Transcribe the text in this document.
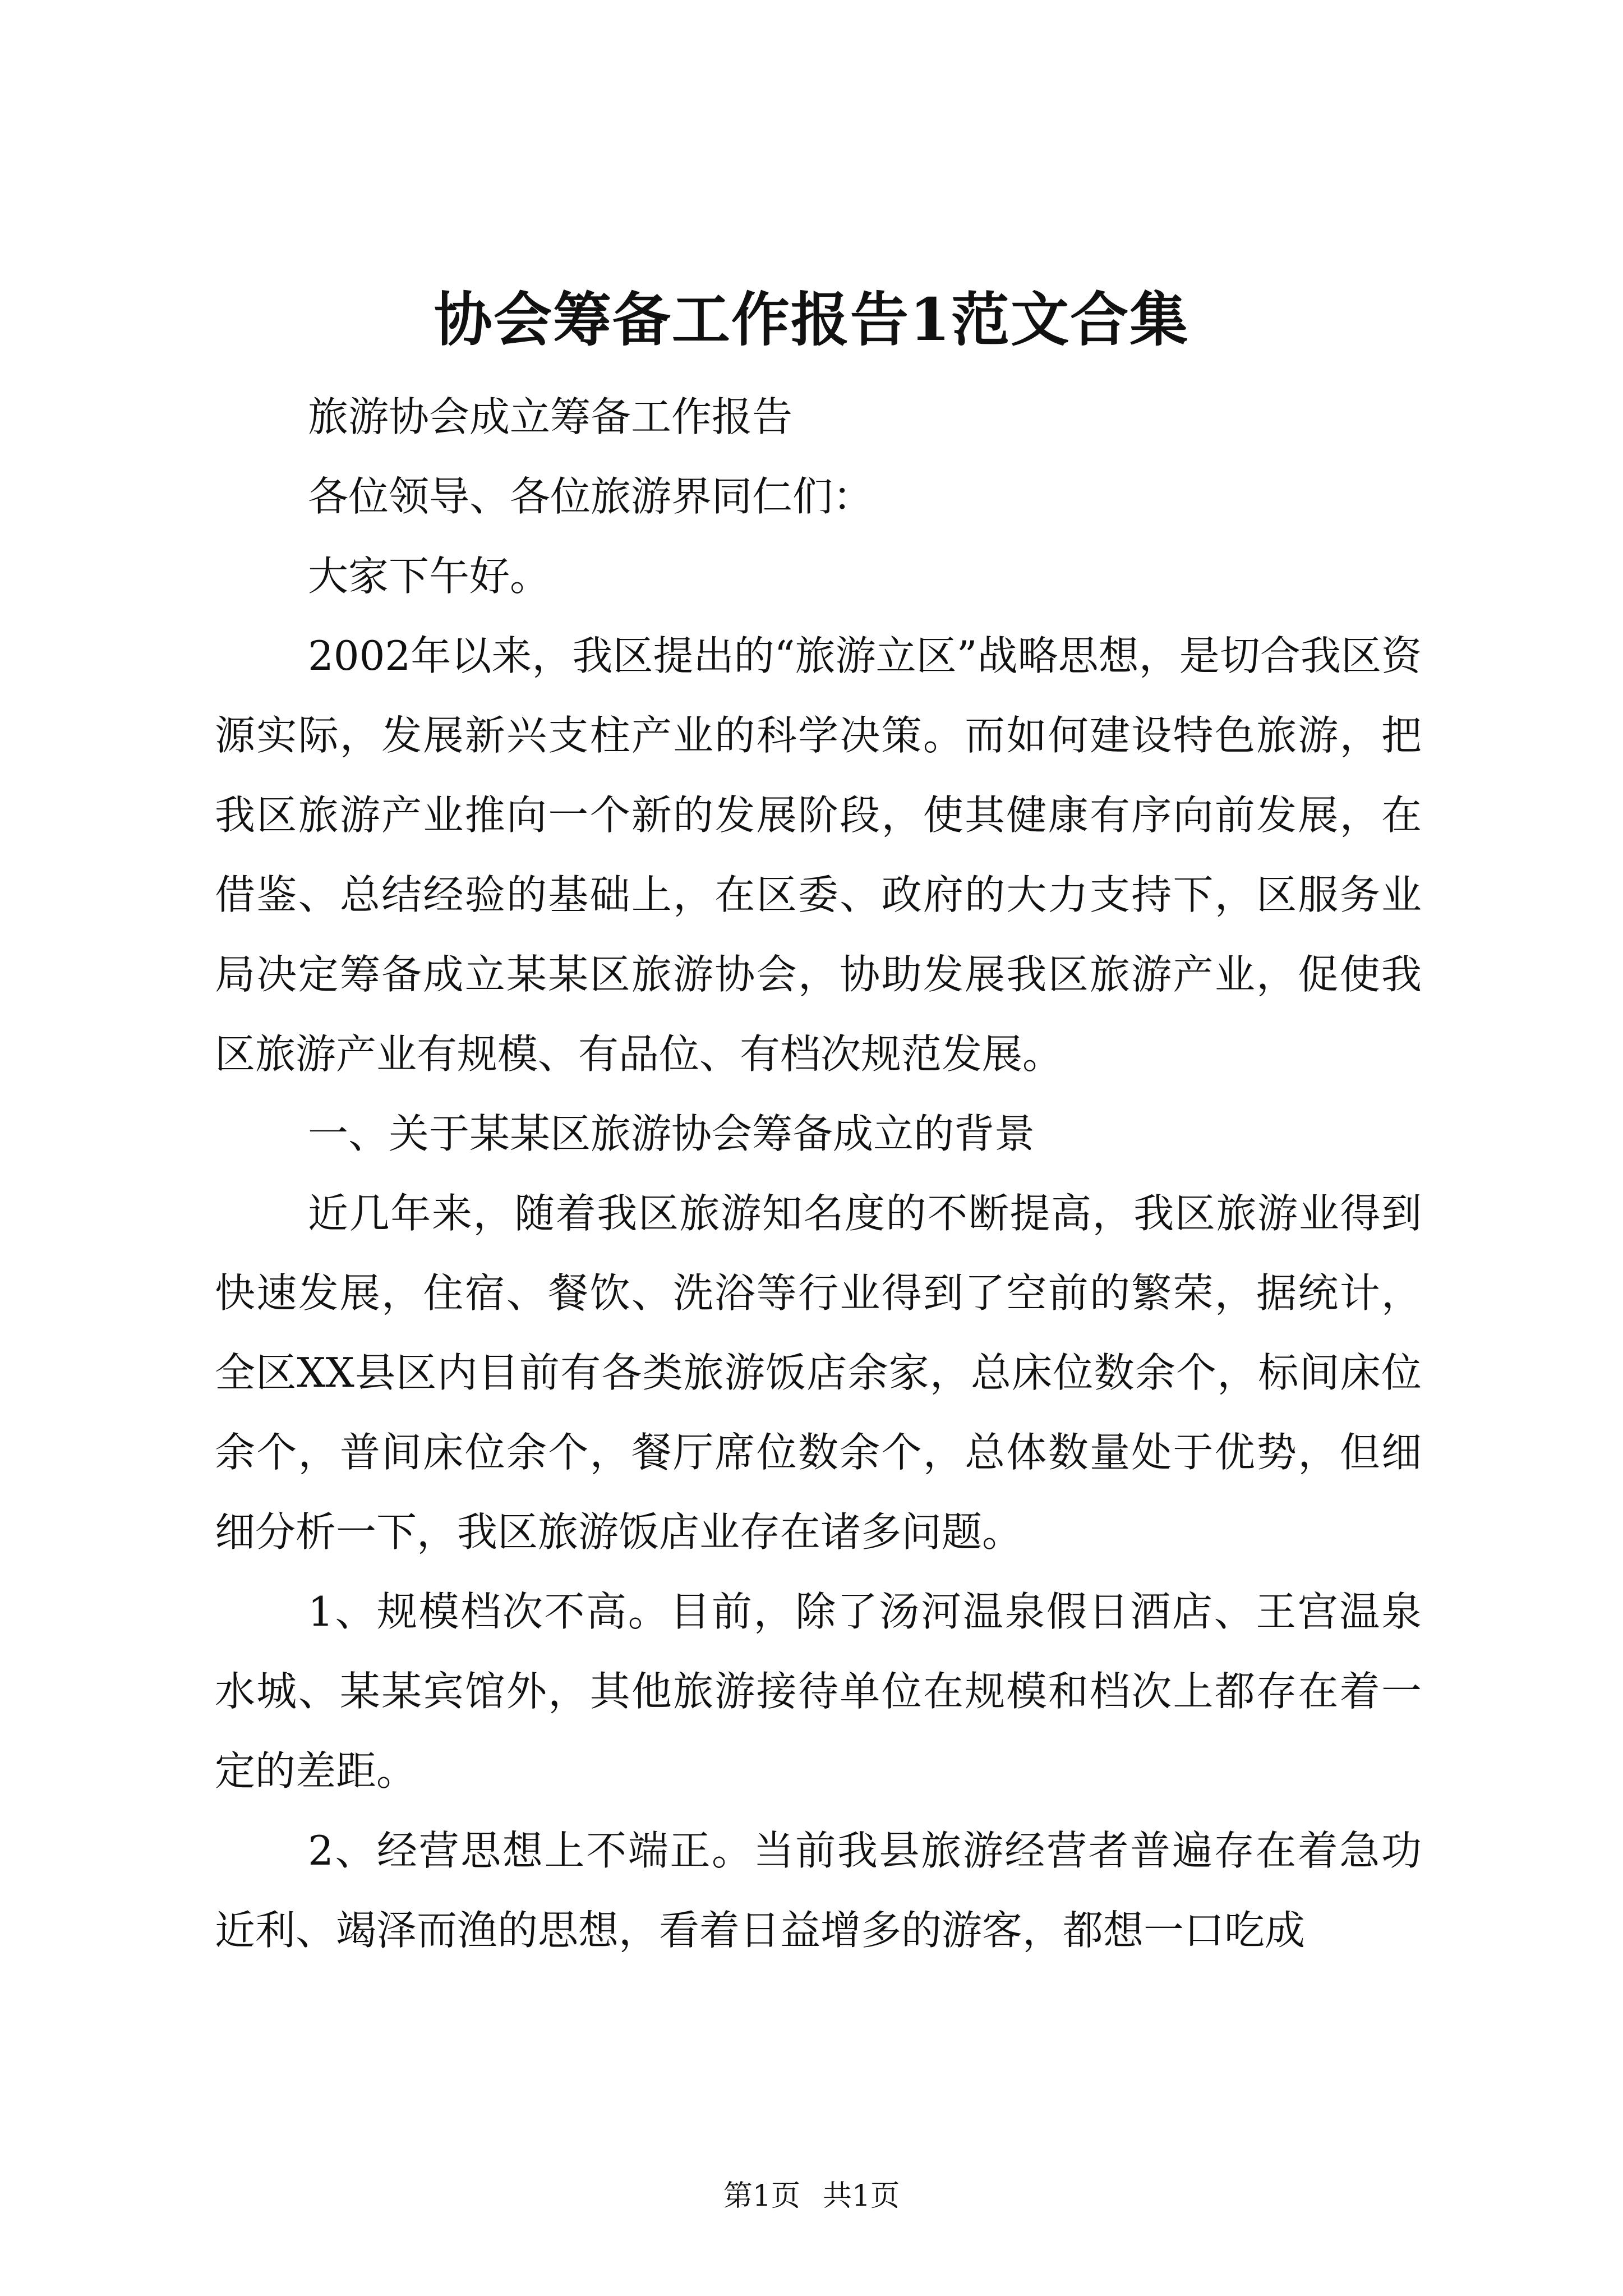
协会筹备工作报告1范文合集

旅游协会成立筹备工作报告

各位领导、各位旅游界同仁们：

大家下午好。

2002年以来，我区提出的“旅游立区”战略思想，是切合我区资源实际，发展新兴支柱产业的科学决策。而如何建设特色旅游，把我区旅游产业推向一个新的发展阶段，使其健康有序向前发展，在借鉴、总结经验的基础上，在区委、政府的大力支持下，区服务业局决定筹备成立某某区旅游协会，协助发展我区旅游产业，促使我区旅游产业有规模、有品位、有档次规范发展。

一、关于某某区旅游协会筹备成立的背景

近几年来，随着我区旅游知名度的不断提高，我区旅游业得到快速发展，住宿、餐饮、洗浴等行业得到了空前的繁荣，据统计，全区XX县区内目前有各类旅游饭店余家，总床位数余个，标间床位余个，普间床位余个，餐厅席位数余个，总体数量处于优势，但细细分析一下，我区旅游饭店业存在诸多问题。

1、规模档次不高。目前，除了汤河温泉假日酒店、王宫温泉水城、某某宾馆外，其他旅游接待单位在规模和档次上都存在着一定的差距。

2、经营思想上不端正。当前我县旅游经营者普遍存在着急功近利、竭泽而渔的思想，看着日益增多的游客，都想一口吃成

第1页 共1页
